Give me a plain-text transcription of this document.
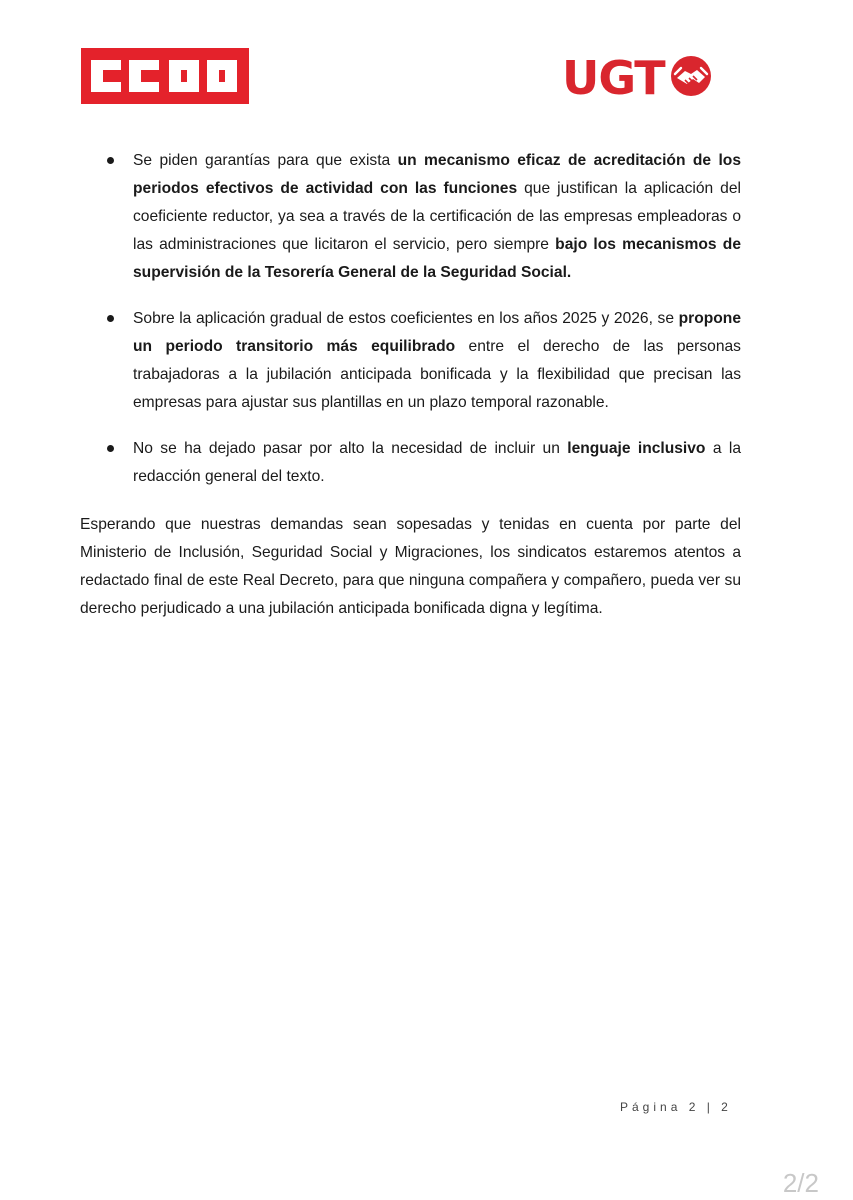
UGT
Se piden garantías para que exista un mecanismo eficaz de acreditación de los periodos efectivos de actividad con las funciones que justifican la aplicación del coeficiente reductor, ya sea a través de la certificación de las empresas empleadoras o las administraciones que licitaron el servicio, pero siempre bajo los mecanismos de supervisión de la Tesorería General de la Seguridad Social.
Sobre la aplicación gradual de estos coeficientes en los años 2025 y 2026, se propone un periodo transitorio más equilibrado entre el derecho de las personas trabajadoras a la jubilación anticipada bonificada y la flexibilidad que precisan las empresas para ajustar sus plantillas en un plazo temporal razonable.
No se ha dejado pasar por alto la necesidad de incluir un lenguaje inclusivo a la redacción general del texto.

Esperando que nuestras demandas sean sopesadas y tenidas en cuenta por parte del Ministerio de Inclusión, Seguridad Social y Migraciones, los sindicatos estaremos atentos a redactado final de este Real Decreto, para que ninguna compañera y compañero, pueda ver su derecho perjudicado a una jubilación anticipada bonificada digna y legítima.

Página 2 | 2
2/2
